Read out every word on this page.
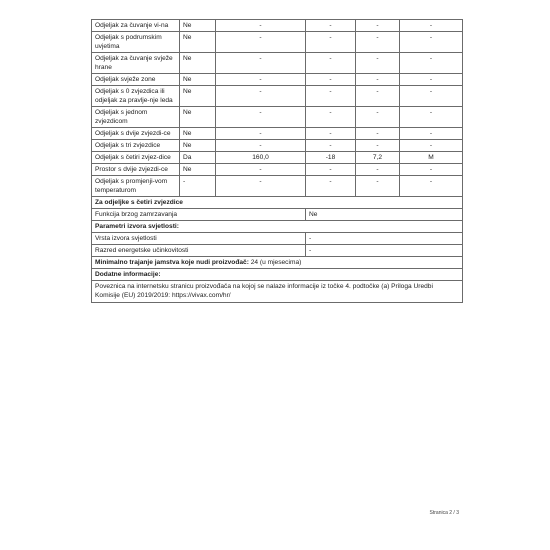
Odjeljak za čuvanje vi-na	Ne	-	-	-	-
Odjeljak s podrumskim uvjetima	Ne	-	-	-	-
Odjeljak za čuvanje svježe hrane	Ne	-	-	-	-
Odjeljak svježe zone	Ne	-	-	-	-
Odjeljak s 0 zvjezdica ili odjeljak za pravlje-nje leda	Ne	-	-	-	-
Odjeljak s jednom zvjezdicom	Ne	-	-	-	-
Odjeljak s dvije zvjezdi-ce	Ne	-	-	-	-
Odjeljak s tri zvjezdice	Ne	-	-	-	-
Odjeljak s četiri zvjez-dice	Da	160,0	-18	7,2	M
Prostor s dvije zvjezdi-ce	Ne	-	-	-	-
Odjeljak s promjenji-vom temperaturom	-	-	-	-	-
Za odjeljke s četiri zvjezdice					
Funkcija brzog zamrzavanja			Ne		
Parametri izvora svjetlosti:					
Vrsta izvora svjetlosti			-		
Razred energetske učinkovitosti			-		
Minimalno trajanje jamstva koje nudi proizvođač: 24 (u mjesecima)					
Dodatne informacije:					
Poveznica na internetsku stranicu proizvođača na kojoj se nalaze informacije iz točke 4. podtočke (a) Priloga Uredbi Komisije (EU) 2019/2019: https://vivax.com/hr/					
Stranica 2 / 3
